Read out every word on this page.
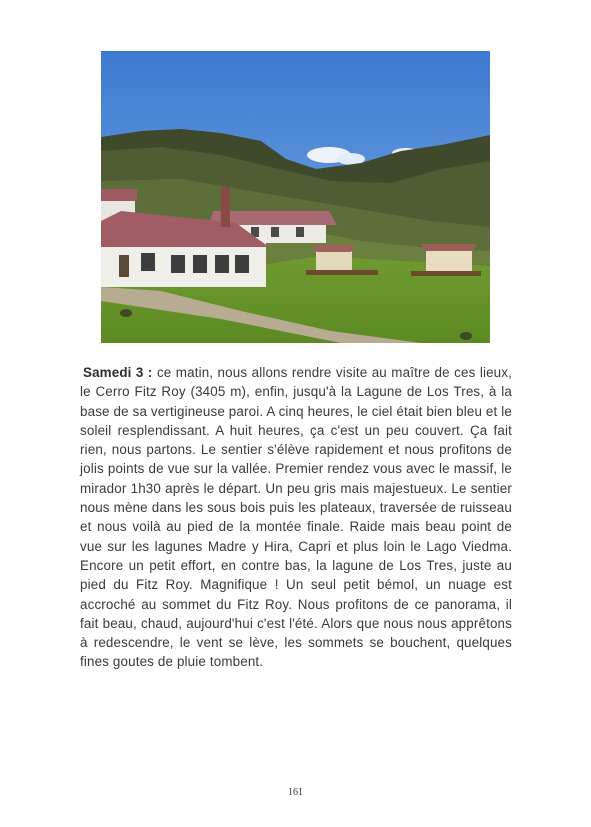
Samedi 3 : ce matin, nous allons rendre visite au maître de ces lieux, le Cerro Fitz Roy (3405 m), enfin, jusqu'à la Lagune de Los Tres, à la base de sa vertigineuse paroi. A cinq heures, le ciel était bien bleu et le soleil resplendissant. A huit heures, ça c'est un peu couvert. Ça fait rien, nous partons. Le sentier s'élève rapidement et nous profitons de jolis points de vue sur la vallée. Premier rendez vous avec le massif, le mirador 1h30 après le départ. Un peu gris mais majestueux. Le sentier nous mène dans les sous bois puis les plateaux, traversée de ruisseau et nous voilà au pied de la montée finale. Raide mais beau point de vue sur les lagunes Madre y Hira, Capri et plus loin le Lago Viedma. Encore un petit effort, en contre bas, la lagune de Los Tres, juste au pied du Fitz Roy. Magnifique ! Un seul petit bémol, un nuage est accroché au sommet du Fitz Roy. Nous profitons de ce panorama, il fait beau, chaud, aujourd'hui c'est l'été. Alors que nous nous apprêtons à redescendre, le vent se lève, les sommets se bouchent, quelques fines goutes de pluie tombent.
161
